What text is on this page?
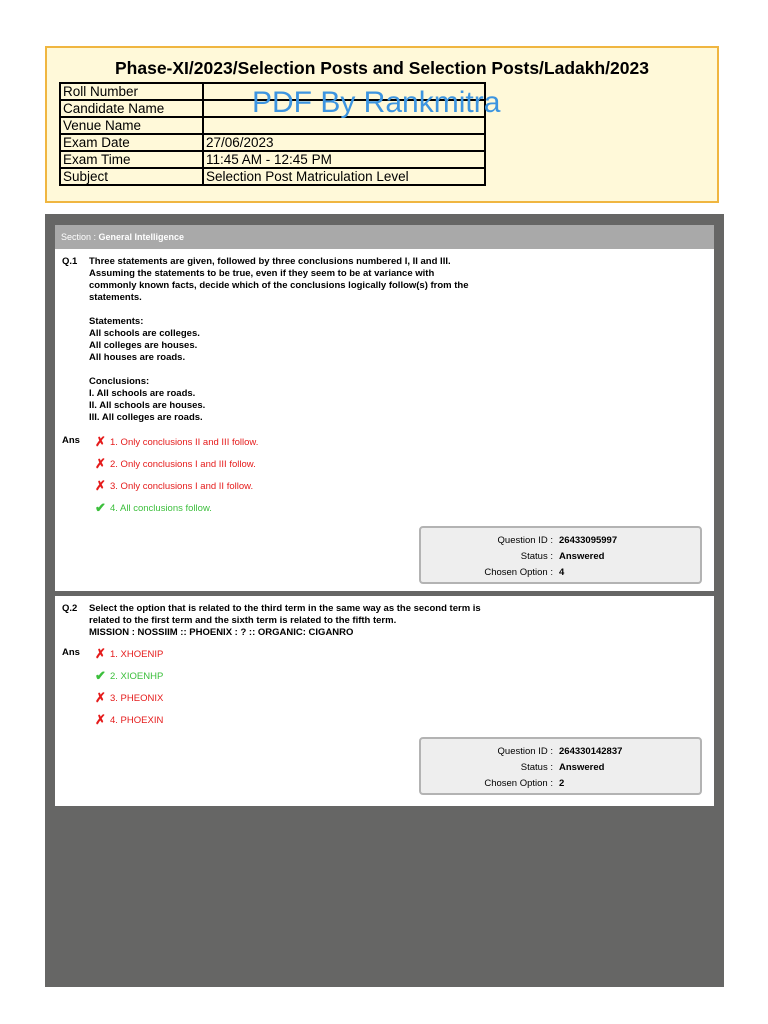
Phase-XI/2023/Selection Posts and Selection Posts/Ladakh/2023
Roll Number	
Candidate Name	
Venue Name	
Exam Date	27/06/2023
Exam Time	11:45 AM - 12:45 PM
Subject	Selection Post Matriculation Level
PDF By Rankmitra
Section : General Intelligence
Q.1 Three statements are given, followed by three conclusions numbered I, II and III.

Assuming the statements to be true, even if they seem to be at variance with

commonly known facts, decide which of the conclusions logically follow(s) from the

statements.

Statements:

All schools are colleges.

All colleges are houses.

All houses are roads.

Conclusions:

I. All schools are roads.

II. All schools are houses.

III. All colleges are roads.

Ans ✗ 1. Only conclusions II and III follow.
✗ 2. Only conclusions I and III follow.
✗ 3. Only conclusions I and II follow.
✔ 4. All conclusions follow.
Question ID : 26433095997
Status : Answered
Chosen Option : 4
Q.2 Select the option that is related to the third term in the same way as the second term is

related to the first term and the sixth term is related to the fifth term.

MISSION : NOSSIIM :: PHOENIX : ? :: ORGANIC: CIGANRO

Ans ✗ 1. XHOENIP
✔ 2. XIOENHP
✗ 3. PHEONIX
✗ 4. PHOEXIN
Question ID : 264330142837
Status : Answered
Chosen Option : 2
